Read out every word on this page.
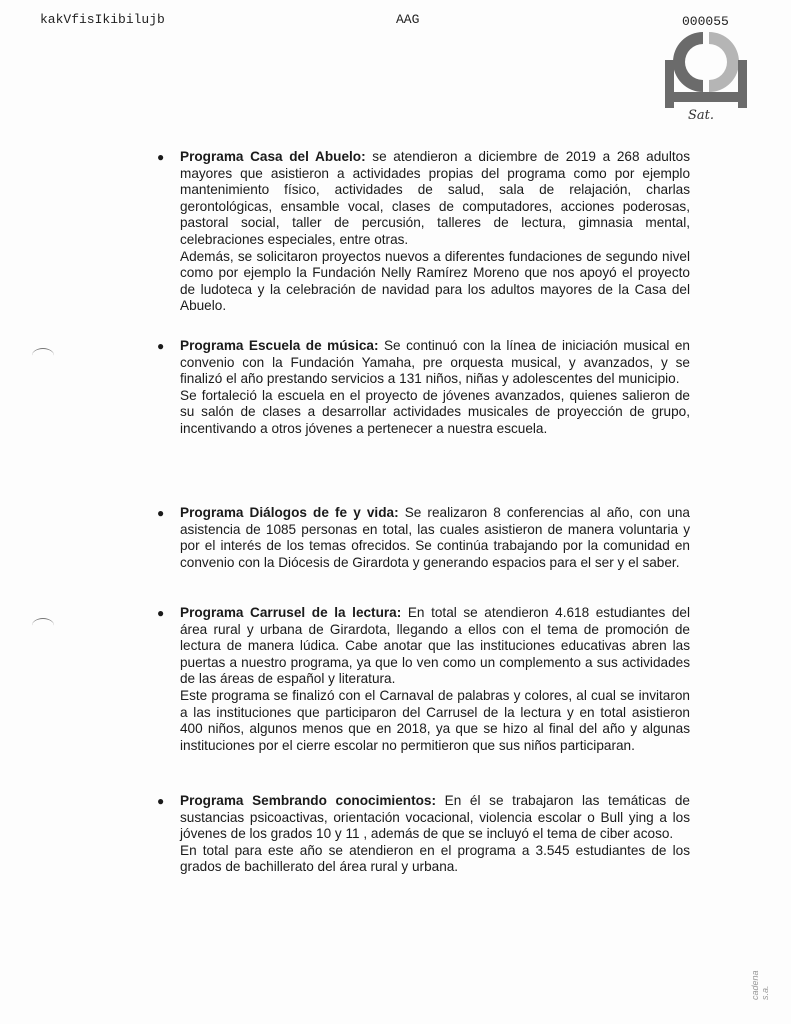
kakVfisIkibilujb	AAG	000055
Sat.
● Programa Casa del Abuelo: se atendieron a diciembre de 2019 a 268 adultos mayores que asistieron a actividades propias del programa como por ejemplo mantenimiento físico, actividades de salud, sala de relajación, charlas gerontológicas, ensamble vocal, clases de computadores, acciones poderosas, pastoral social, taller de percusión, talleres de lectura, gimnasia mental, celebraciones especiales, entre otras.

Además, se solicitaron proyectos nuevos a diferentes fundaciones de segundo nivel como por ejemplo la Fundación Nelly Ramírez Moreno que nos apoyó el proyecto de ludoteca y la celebración de navidad para los adultos mayores de la Casa del Abuelo.

● Programa Escuela de música: Se continuó con la línea de iniciación musical en convenio con la Fundación Yamaha, pre orquesta musical, y avanzados, y se finalizó el año prestando servicios a 131 niños, niñas y adolescentes del municipio.

Se fortaleció la escuela en el proyecto de jóvenes avanzados, quienes salieron de su salón de clases a desarrollar actividades musicales de proyección de grupo, incentivando a otros jóvenes a pertenecer a nuestra escuela.

● Programa Diálogos de fe y vida: Se realizaron 8 conferencias al año, con una asistencia de 1085 personas en total, las cuales asistieron de manera voluntaria y por el interés de los temas ofrecidos. Se continúa trabajando por la comunidad en convenio con la Diócesis de Girardota y generando espacios para el ser y el saber.

● Programa Carrusel de la lectura: En total se atendieron 4.618 estudiantes del área rural y urbana de Girardota, llegando a ellos con el tema de promoción de lectura de manera lúdica. Cabe anotar que las instituciones educativas abren las puertas a nuestro programa, ya que lo ven como un complemento a sus actividades de las áreas de español y literatura.

Este programa se finalizó con el Carnaval de palabras y colores, al cual se invitaron a las instituciones que participaron del Carrusel de la lectura y en total asistieron 400 niños, algunos menos que en 2018, ya que se hizo al final del año y algunas instituciones por el cierre escolar no permitieron que sus niños participaran.

● Programa Sembrando conocimientos: En él se trabajaron las temáticas de sustancias psicoactivas, orientación vocacional, violencia escolar o Bull ying a los jóvenes de los grados 10 y 11 , además de que se incluyó el tema de ciber acoso.

En total para este año se atendieron en el programa a 3.545 estudiantes de los grados de bachillerato del área rural y urbana.

cadena s.a.
